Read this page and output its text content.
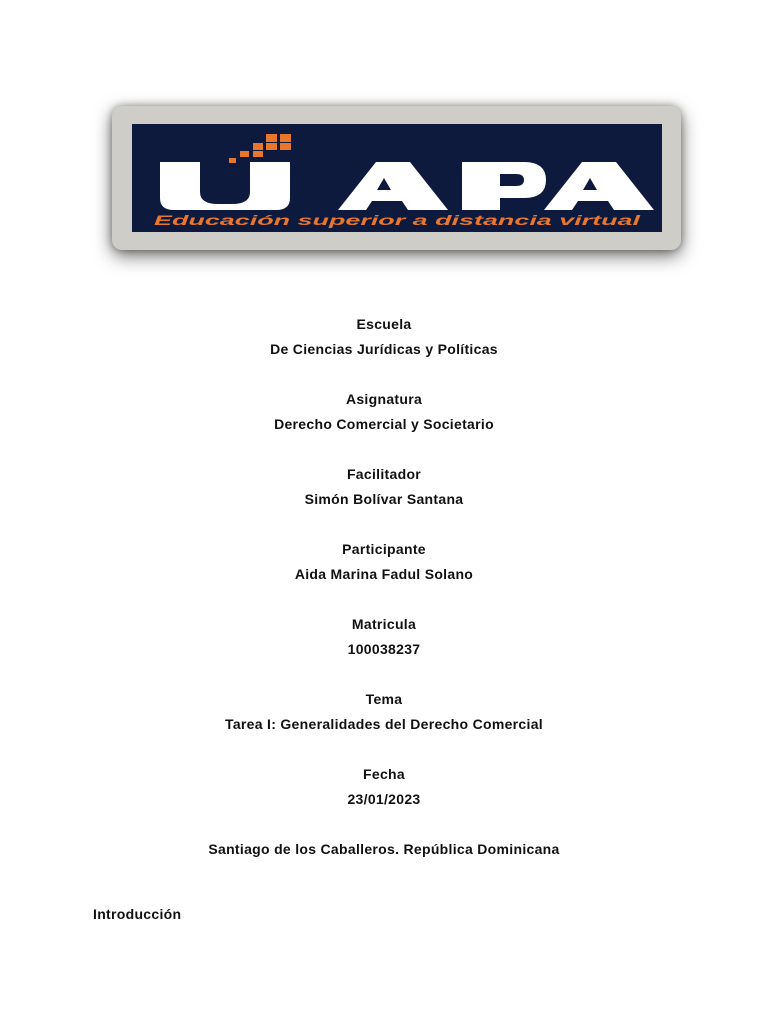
Educación superior a distancia virtual

Escuela

De Ciencias Jurídicas y Políticas

Asignatura

Derecho Comercial y Societario

Facilitador

Simón Bolívar Santana

Participante

Aida Marina Fadul Solano

Matricula

100038237

Tema

Tarea I: Generalidades del Derecho Comercial

Fecha

23/01/2023

Santiago de los Caballeros. República Dominicana

Introducción
